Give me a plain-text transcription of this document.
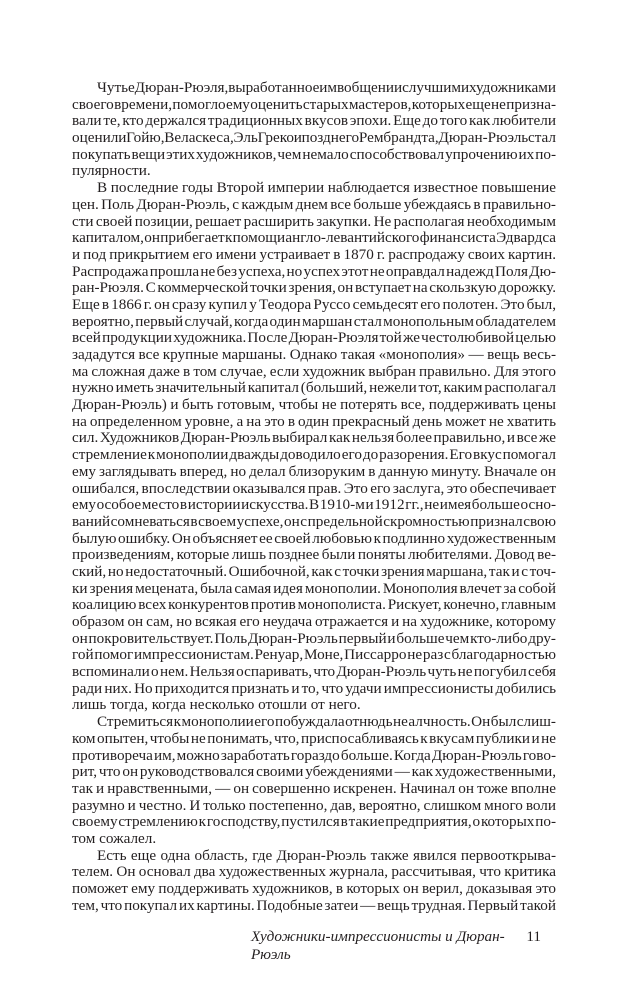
Чутье Дюран-Рюэля, выработанное им в общении с лучшими художниками
своего времени, помогло ему оценить старых мастеров, которых еще не призна-
вали те, кто держался традиционных вкусов эпохи. Еще до того как любители
оценили Гойю, Веласкеса, Эль Греко и позднего Рембрандта, Дюран-Рюэль стал
покупать вещи этих художников, чем немало способствовал упрочению их по-
пулярности.
В последние годы Второй империи наблюдается известное повышение
цен. Поль Дюран-Рюэль, с каждым днем все больше убеждаясь в правильно-
сти своей позиции, решает расширить закупки. Не располагая необходимым
капиталом, он прибегает к помощи англо-левантийского финансиста Эдвардса
и под прикрытием его имени устраивает в 1870 г. распродажу своих картин.
Распродажа прошла не без успеха, но успех этот не оправдал надежд Поля Дю-
ран-Рюэля. С коммерческой точки зрения, он вступает на скользкую дорожку.
Еще в 1866 г. он сразу купил у Теодора Руссо семьдесят его полотен. Это был,
вероятно, первый случай, когда один маршан стал монопольным обладателем
всей продукции художника. После Дюран-Рюэля той же честолюбивой целью
зададутся все крупные маршаны. Однако такая «монополия» — вещь весь-
ма сложная даже в том случае, если художник выбран правильно. Для этого
нужно иметь значительный капитал (больший, нежели тот, каким располагал
Дюран-Рюэль) и быть готовым, чтобы не потерять все, поддерживать цены
на определенном уровне, а на это в один прекрасный день может не хватить
сил. Художников Дюран-Рюэль выбирал как нельзя более правильно, и все же
стремление к монополии дважды доводило его до разорения. Его вкус помогал
ему заглядывать вперед, но делал близоруким в данную минуту. Вначале он
ошибался, впоследствии оказывался прав. Это его заслуга, это обеспечивает
ему особое место в истории искусства. В 1910-м и 1912 гг., не имея больше осно-
ваний сомневаться в своем успехе, он с предельной скромностью признал свою
былую ошибку. Он объясняет ее своей любовью к подлинно художественным
произведениям, которые лишь позднее были поняты любителями. Довод ве-
ский, но недостаточный. Ошибочной, как с точки зрения маршана, так и с точ-
ки зрения мецената, была самая идея монополии. Монополия влечет за собой
коалицию всех конкурентов против монополиста. Рискует, конечно, главным
образом он сам, но всякая его неудача отражается и на художнике, которому
он покровительствует. Поль Дюран-Рюэль первый и больше чем кто-либо дру-
гой помог импрессионистам. Ренуар, Моне, Писсарро не раз с благодарностью
вспоминали о нем. Нельзя оспаривать, что Дюран-Рюэль чуть не погубил себя
ради них. Но приходится признать и то, что удачи импрессионисты добились
лишь тогда, когда несколько отошли от него.
Стремиться к монополии его побуждала отнюдь не алчность. Он был слиш-
ком опытен, чтобы не понимать, что, приспосабливаясь к вкусам публики и не
противореча им, можно заработать гораздо больше. Когда Дюран-Рюэль гово-
рит, что он руководствовался своими убеждениями — как художественными,
так и нравственными, — он совершенно искренен. Начинал он тоже вполне
разумно и честно. И только постепенно, дав, вероятно, слишком много воли
своему стремлению к господству, пустился в такие предприятия, о которых по-
том сожалел.
Есть еще одна область, где Дюран-Рюэль также явился первооткрыва-
телем. Он основал два художественных журнала, рассчитывая, что критика
поможет ему поддерживать художников, в которых он верил, доказывая это
тем, что покупал их картины. Подобные затеи — вещь трудная. Первый такой
Художники-импрессионисты и Дюран-Рюэль
11
